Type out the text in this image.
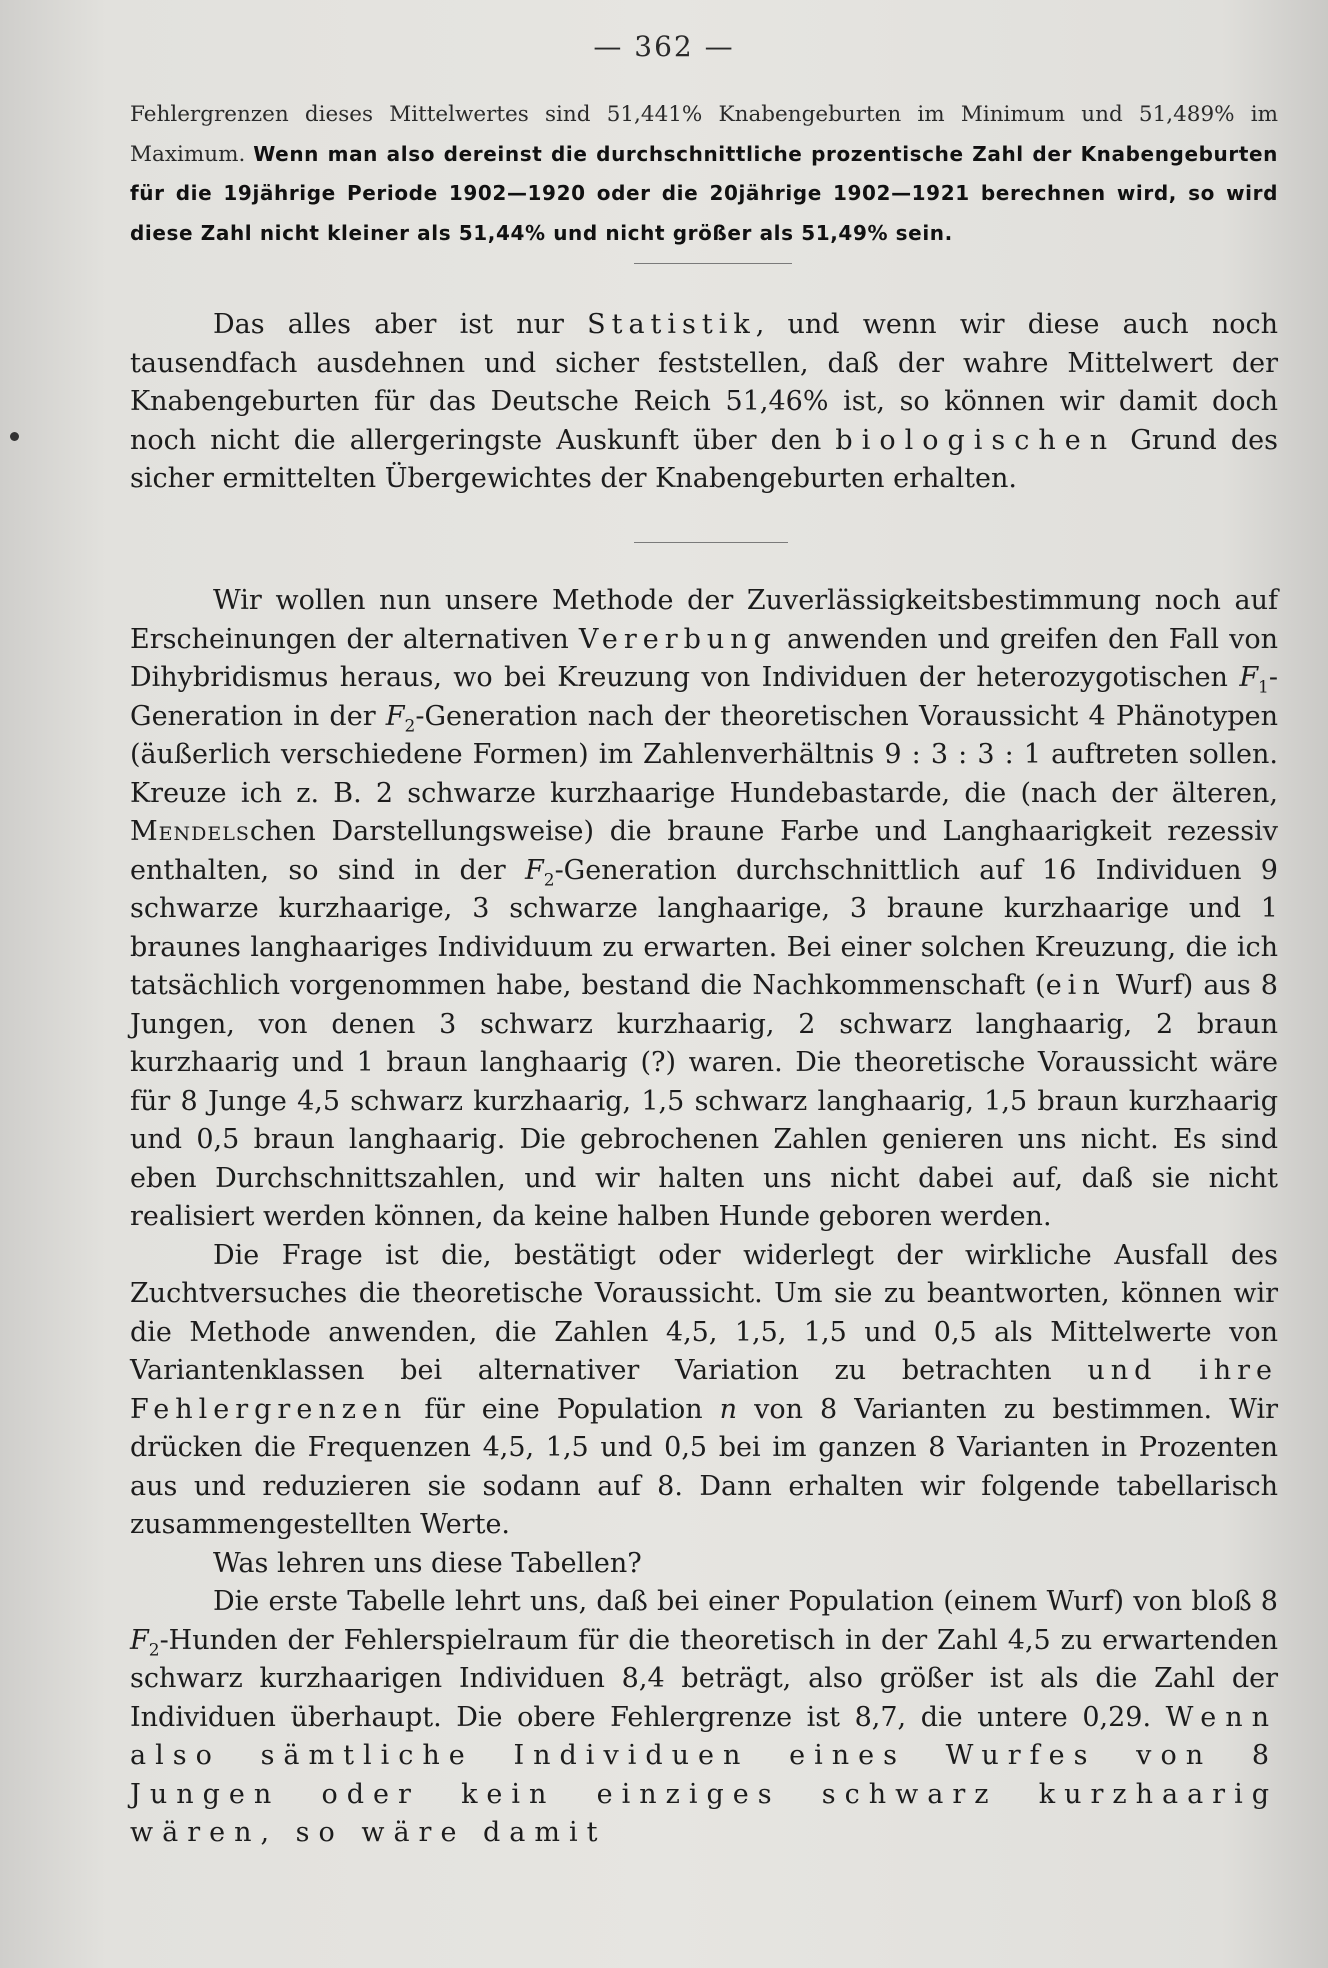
— 362 —
Fehlergrenzen dieses Mittelwertes sind 51,441% Knabengeburten im Minimum und 51,489% im Maximum. Wenn man also dereinst die durchschnittliche prozentische Zahl der Knabengeburten für die 19jährige Periode 1902—1920 oder die 20jährige 1902—1921 berechnen wird, so wird diese Zahl nicht kleiner als 51,44% und nicht größer als 51,49% sein.

Das alles aber ist nur Statistik, und wenn wir diese auch noch tausendfach ausdehnen und sicher feststellen, daß der wahre Mittelwert der Knabengeburten für das Deutsche Reich 51,46% ist, so können wir damit doch noch nicht die allergeringste Auskunft über den biologischen Grund des sicher ermittelten Übergewichtes der Knabengeburten erhalten.

Wir wollen nun unsere Methode der Zuverlässigkeitsbestimmung noch auf Erscheinungen der alternativen Vererbung anwenden und greifen den Fall von Dihybridismus heraus, wo bei Kreuzung von Individuen der heterozygotischen $F_1$-Generation in der $F_2$-Generation nach der theoretischen Voraussicht 4 Phänotypen (äußerlich verschiedene Formen) im Zahlenverhältnis 9 : 3 : 3 : 1 auftreten sollen. Kreuze ich z. B. 2 schwarze kurzhaarige Hundebastarde, die (nach der älteren, Mendelschen Darstellungsweise) die braune Farbe und Langhaarigkeit rezessiv enthalten, so sind in der $F_2$-Generation durchschnittlich auf 16 Individuen 9 schwarze kurzhaarige, 3 schwarze langhaarige, 3 braune kurzhaarige und 1 braunes langhaariges Individuum zu erwarten. Bei einer solchen Kreuzung, die ich tatsächlich vorgenommen habe, bestand die Nachkommenschaft (ein Wurf) aus 8 Jungen, von denen 3 schwarz kurzhaarig, 2 schwarz langhaarig, 2 braun kurzhaarig und 1 braun langhaarig (?) waren. Die theoretische Voraussicht wäre für 8 Junge 4,5 schwarz kurzhaarig, 1,5 schwarz langhaarig, 1,5 braun kurzhaarig und 0,5 braun langhaarig. Die gebrochenen Zahlen genieren uns nicht. Es sind eben Durchschnittszahlen, und wir halten uns nicht dabei auf, daß sie nicht realisiert werden können, da keine halben Hunde geboren werden.

Die Frage ist die, bestätigt oder widerlegt der wirkliche Ausfall des Zuchtversuches die theoretische Voraussicht. Um sie zu beantworten, können wir die Methode anwenden, die Zahlen 4,5, 1,5, 1,5 und 0,5 als Mittelwerte von Variantenklassen bei alternativer Variation zu betrachten und ihre Fehlergrenzen für eine Population n von 8 Varianten zu bestimmen. Wir drücken die Frequenzen 4,5, 1,5 und 0,5 bei im ganzen 8 Varianten in Prozenten aus und reduzieren sie sodann auf 8. Dann erhalten wir folgende tabellarisch zusammengestellten Werte.

Was lehren uns diese Tabellen?

Die erste Tabelle lehrt uns, daß bei einer Population (einem Wurf) von bloß 8 $F_2$-Hunden der Fehlerspielraum für die theoretisch in der Zahl 4,5 zu erwartenden schwarz kurzhaarigen Individuen 8,4 beträgt, also größer ist als die Zahl der Individuen überhaupt. Die obere Fehlergrenze ist 8,7, die untere 0,29. Wenn also sämtliche Individuen eines Wurfes von 8 Jungen oder kein einziges schwarz kurzhaarig wären, so wäre damit
